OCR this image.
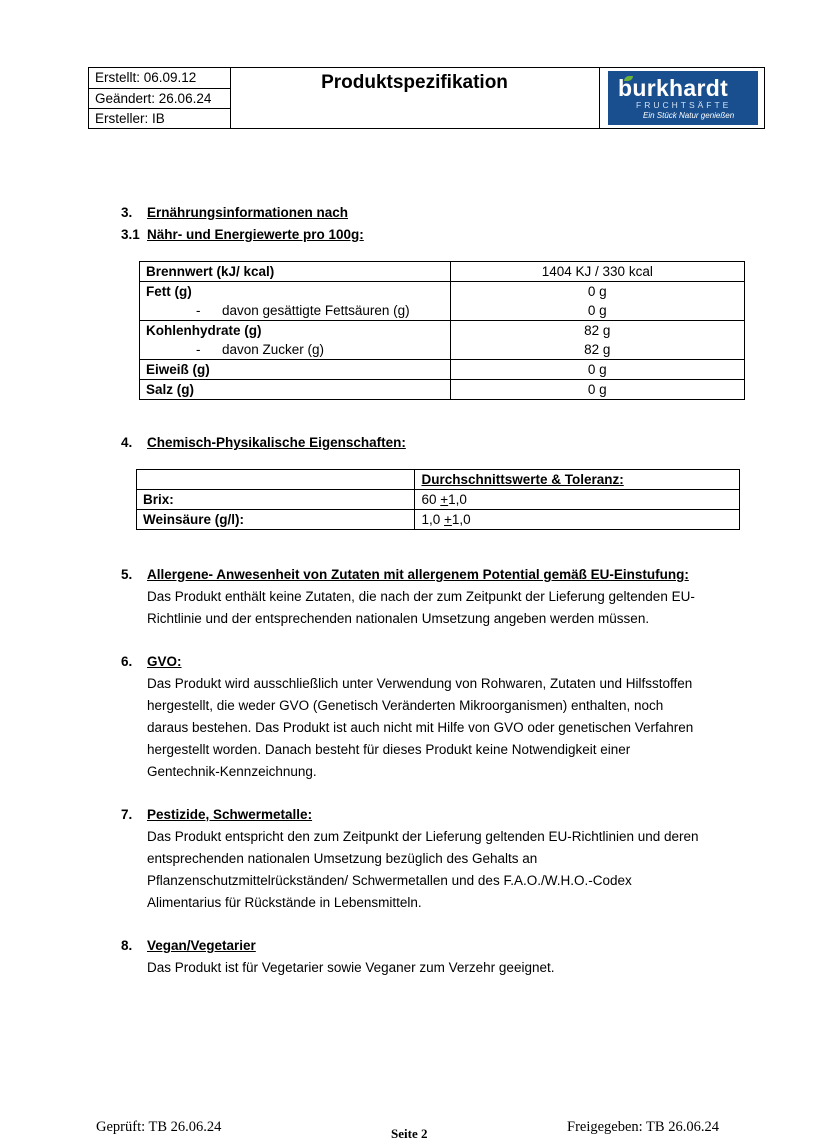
Erstellt: 06.09.12
Geändert: 26.06.24
Ersteller: IB
Produktspezifikation	burkhardt
FRUCHTSÄFTE
Ein Stück Natur genießen
3. Ernährungsinformationen nach
3.1 Nähr- und Energiewerte pro 100g:
Brennwert (kJ/ kcal)	1404 KJ / 330 kcal
Fett (g)	0 g
- davon gesättigte Fettsäuren (g)	0 g
Kohlenhydrate (g)	82 g
- davon Zucker (g)	82 g
Eiweiß (g)	0 g
Salz (g)	0 g
4. Chemisch-Physikalische Eigenschaften:
	Durchschnittswerte & Toleranz:
Brix:	60 +1,0
Weinsäure (g/l):	1,0 +1,0
5. Allergene- Anwesenheit von Zutaten mit allergenem Potential gemäß EU-Einstufung:
Das Produkt enthält keine Zutaten, die nach der zum Zeitpunkt der Lieferung geltenden EU-
Richtlinie und der entsprechenden nationalen Umsetzung angeben werden müssen.
6. GVO:
Das Produkt wird ausschließlich unter Verwendung von Rohwaren, Zutaten und Hilfsstoffen
hergestellt, die weder GVO (Genetisch Veränderten Mikroorganismen) enthalten, noch
daraus bestehen. Das Produkt ist auch nicht mit Hilfe von GVO oder genetischen Verfahren
hergestellt worden. Danach besteht für dieses Produkt keine Notwendigkeit einer
Gentechnik-Kennzeichnung.
7. Pestizide, Schwermetalle:
Das Produkt entspricht den zum Zeitpunkt der Lieferung geltenden EU-Richtlinien und deren
entsprechenden nationalen Umsetzung bezüglich des Gehalts an
Pflanzenschutzmittelrückständen/ Schwermetallen und des F.A.O./W.H.O.-Codex
Alimentarius für Rückstände in Lebensmitteln.
8. Vegan/Vegetarier
Das Produkt ist für Vegetarier sowie Veganer zum Verzehr geeignet.
Geprüft: TB 26.06.24	Seite 2	Freigegeben: TB 26.06.24
